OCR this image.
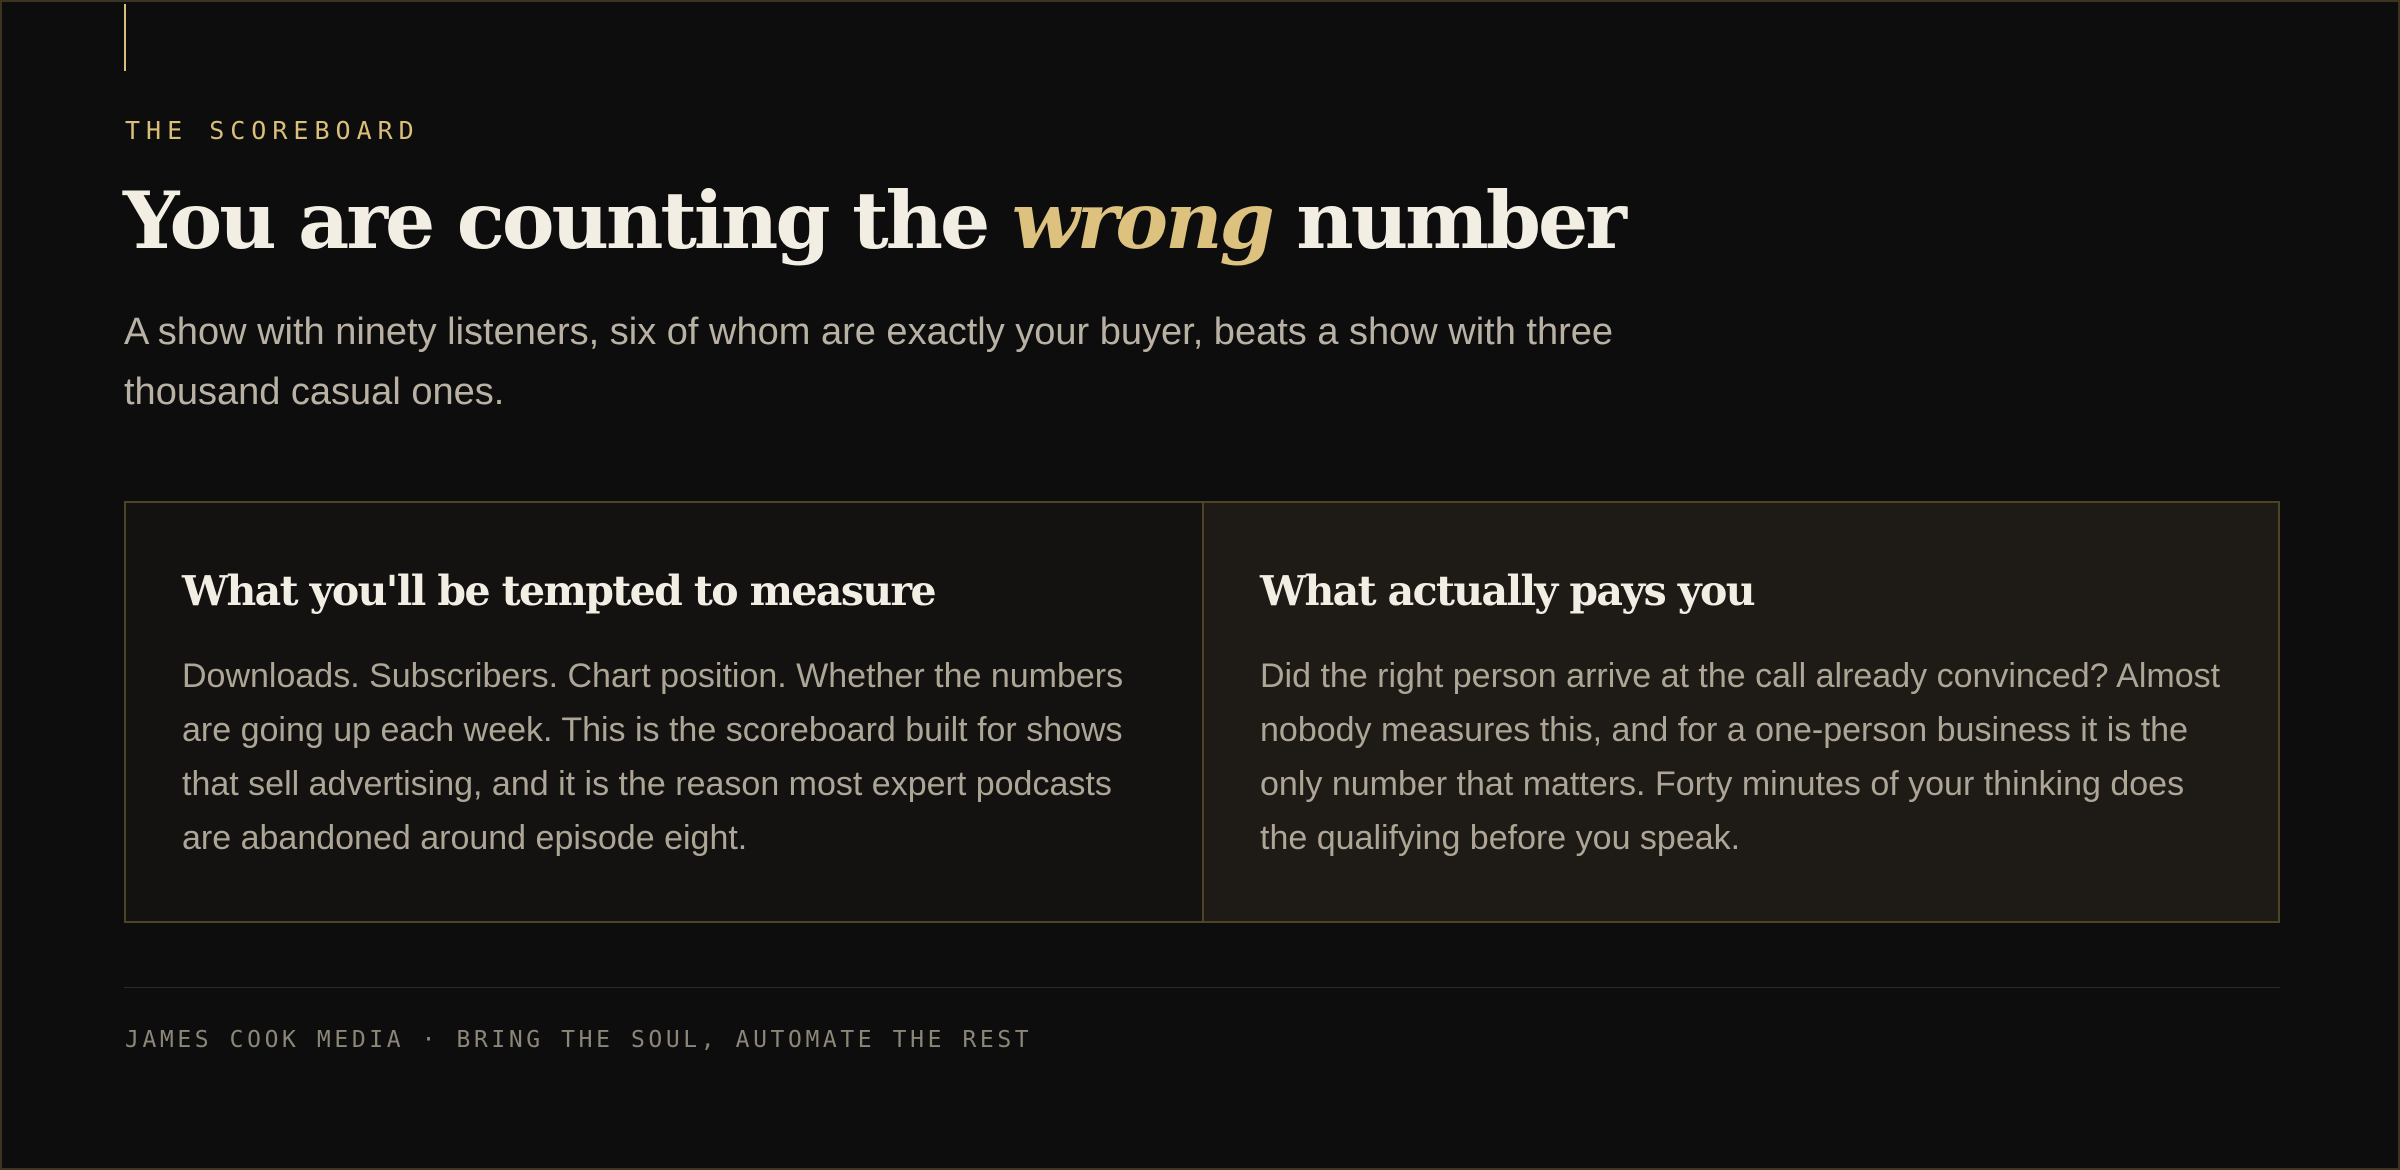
THE SCOREBOARD
You are counting the wrong number

A show with ninety listeners, six of whom are exactly your buyer, beats a show with three thousand casual ones.

What you'll be tempted to measure

Downloads. Subscribers. Chart position. Whether the numbers are going up each week. This is the scoreboard built for shows that sell advertising, and it is the reason most expert podcasts are abandoned around episode eight.

What actually pays you

Did the right person arrive at the call already convinced? Almost nobody measures this, and for a one-person business it is the only number that matters. Forty minutes of your thinking does the qualifying before you speak.

JAMES COOK MEDIA · BRING THE SOUL, AUTOMATE THE REST
